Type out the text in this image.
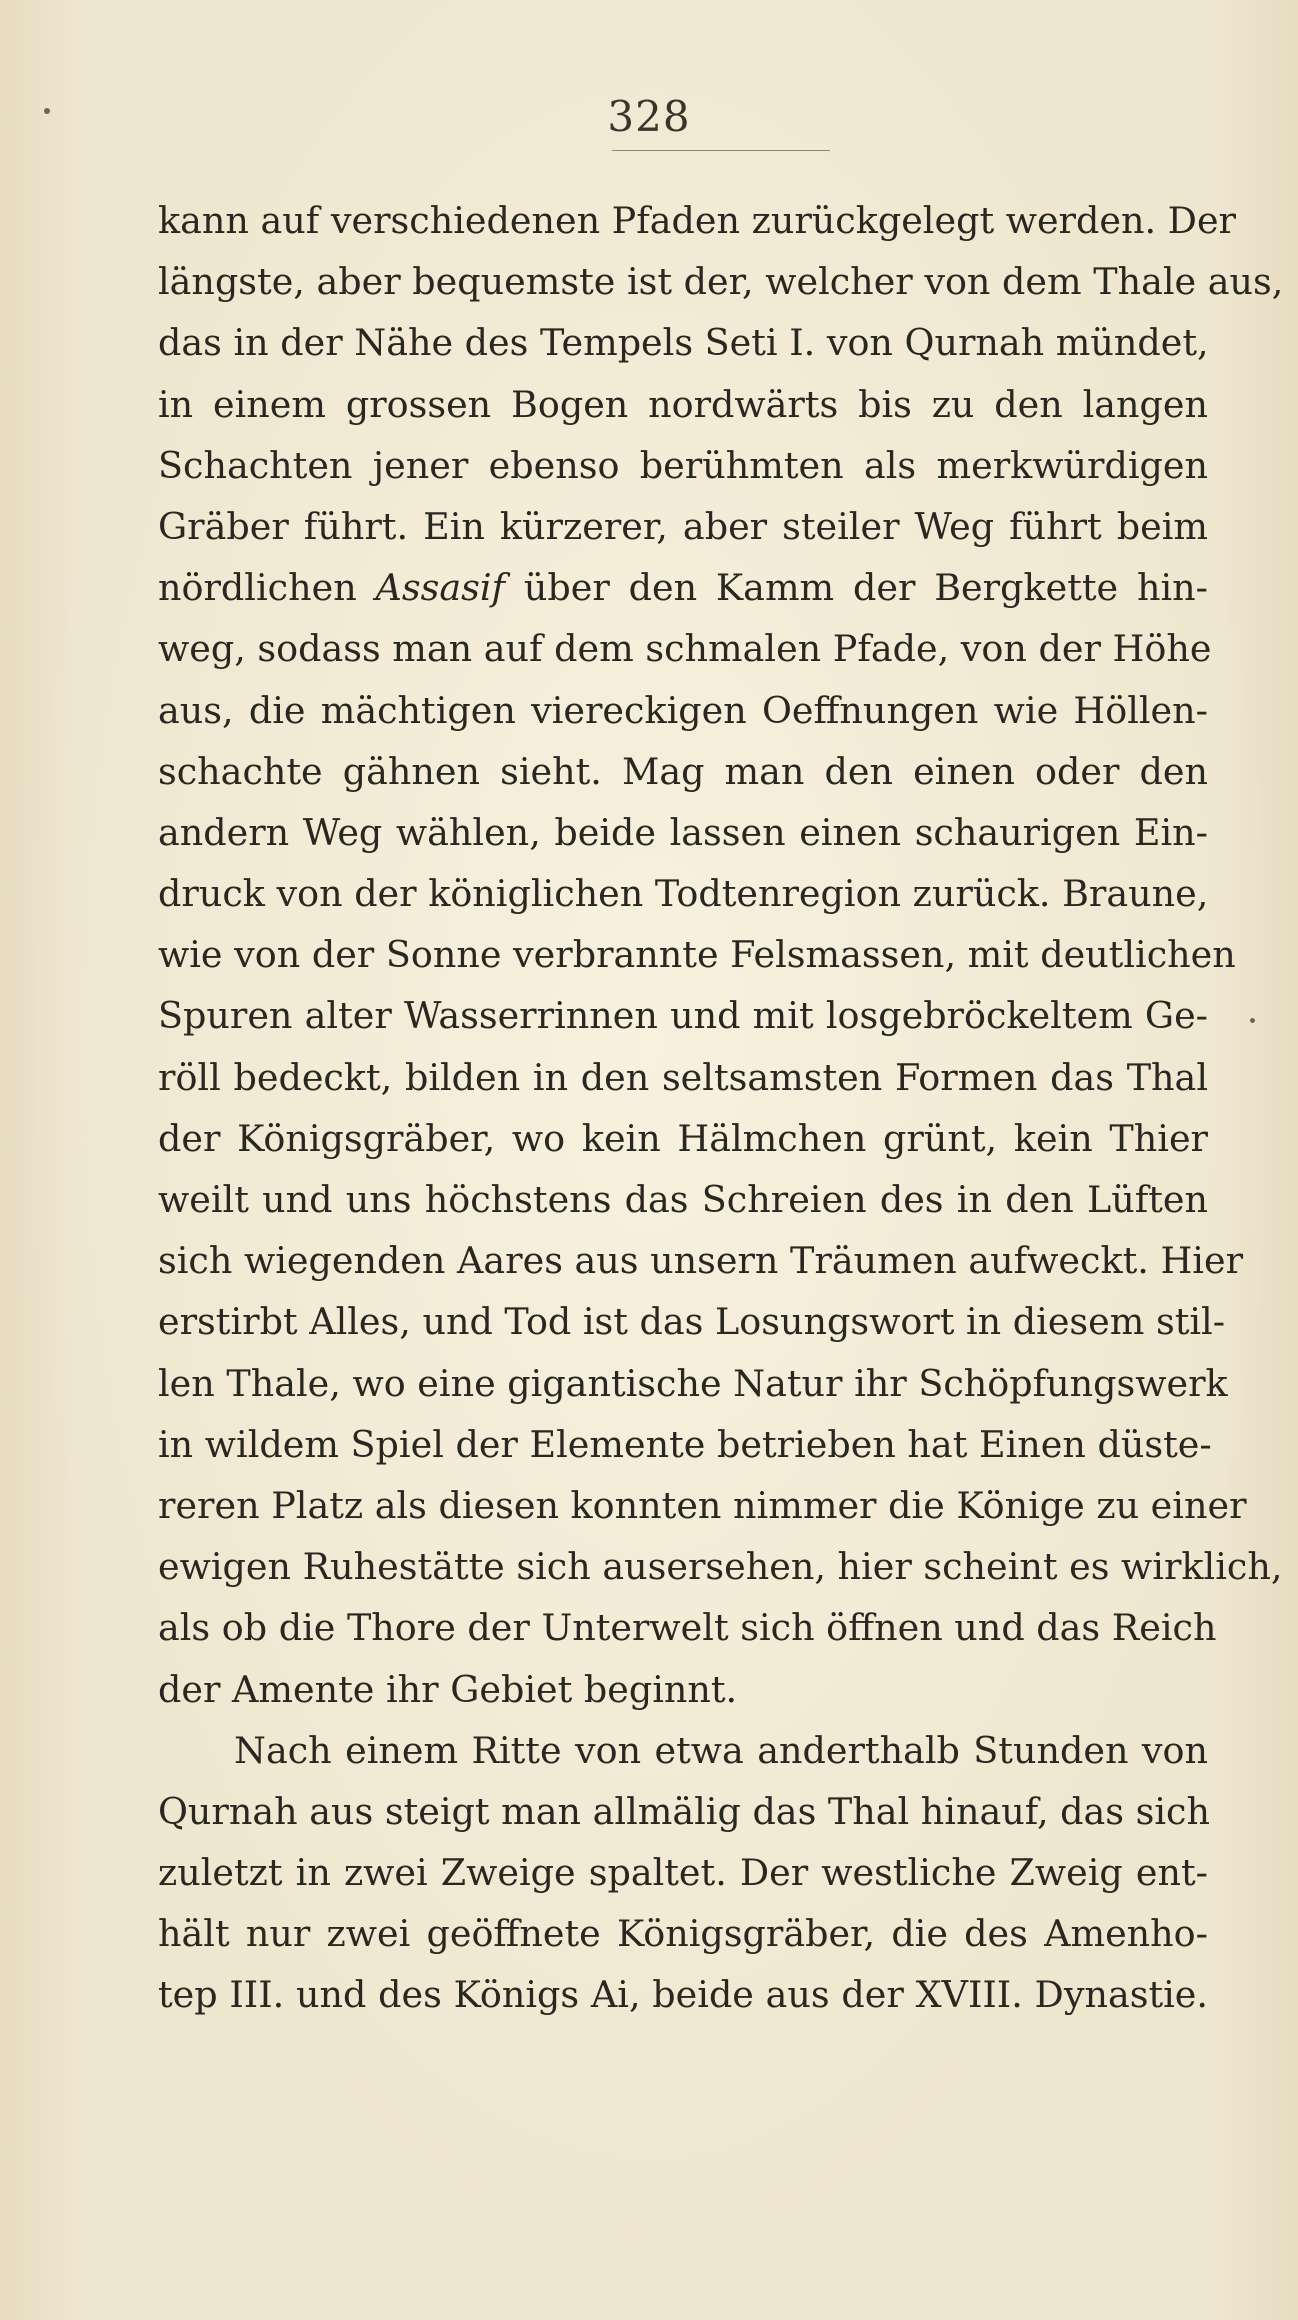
328
kann auf verschiedenen Pfaden zurückgelegt werden. Der
längste, aber bequemste ist der, welcher von dem Thale aus,
das in der Nähe des Tempels Seti I. von Qurnah mündet,
in einem grossen Bogen nordwärts bis zu den langen
Schachten jener ebenso berühmten als merkwürdigen
Gräber führt. Ein kürzerer, aber steiler Weg führt beim
nördlichen Assasif über den Kamm der Bergkette hin-
weg, sodass man auf dem schmalen Pfade, von der Höhe
aus, die mächtigen viereckigen Oeffnungen wie Höllen-
schachte gähnen sieht. Mag man den einen oder den
andern Weg wählen, beide lassen einen schaurigen Ein-
druck von der königlichen Todtenregion zurück. Braune,
wie von der Sonne verbrannte Felsmassen, mit deutlichen
Spuren alter Wasserrinnen und mit losgebröckeltem Ge-
röll bedeckt, bilden in den seltsamsten Formen das Thal
der Königsgräber, wo kein Hälmchen grünt, kein Thier
weilt und uns höchstens das Schreien des in den Lüften
sich wiegenden Aares aus unsern Träumen aufweckt. Hier
erstirbt Alles, und Tod ist das Losungswort in diesem stil-
len Thale, wo eine gigantische Natur ihr Schöpfungswerk
in wildem Spiel der Elemente betrieben hat Einen düste-
reren Platz als diesen konnten nimmer die Könige zu einer
ewigen Ruhestätte sich ausersehen, hier scheint es wirklich,
als ob die Thore der Unterwelt sich öffnen und das Reich
der Amente ihr Gebiet beginnt.
Nach einem Ritte von etwa anderthalb Stunden von
Qurnah aus steigt man allmälig das Thal hinauf, das sich
zuletzt in zwei Zweige spaltet. Der westliche Zweig ent-
hält nur zwei geöffnete Königsgräber, die des Amenho-
tep III. und des Königs Ai, beide aus der XVIII. Dynastie.
